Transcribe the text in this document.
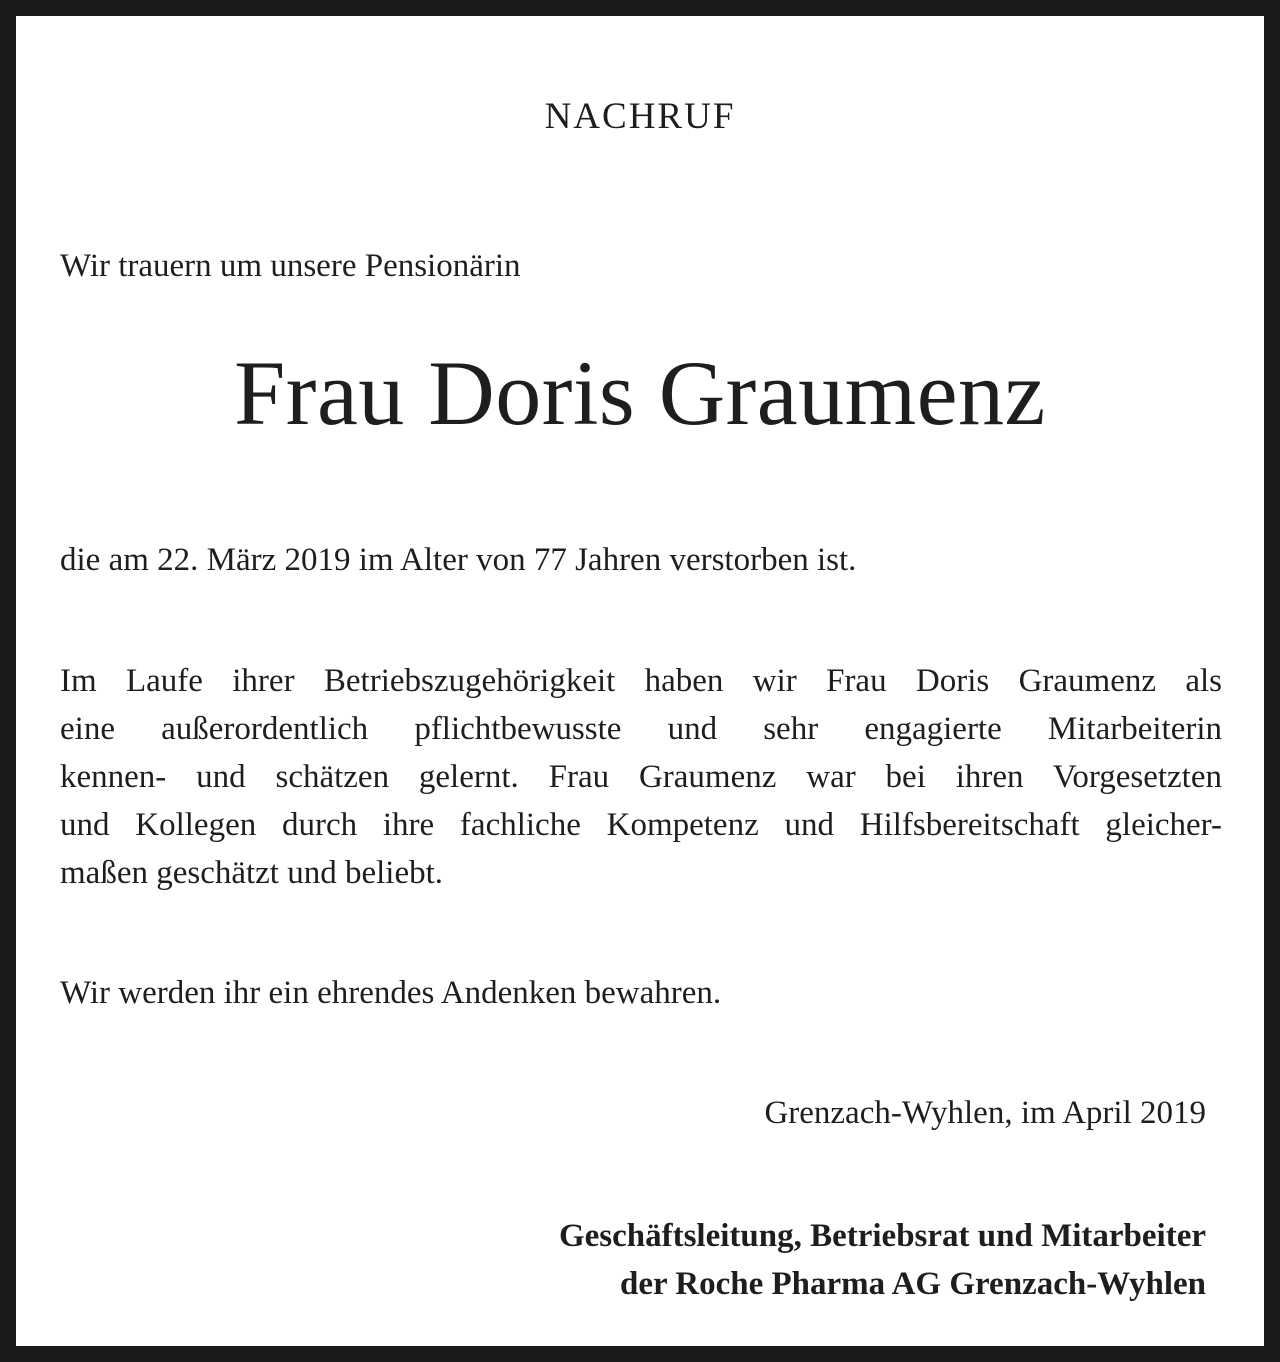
NACHRUF
Wir trauern um unsere Pensionärin
Frau Doris Graumenz
die am 22. März 2019 im Alter von 77 Jahren verstorben ist.
Im Laufe ihrer Betriebszugehörigkeit haben wir Frau Doris Graumenz als
eine außerordentlich pflichtbewusste und sehr engagierte Mitarbeiterin
kennen- und schätzen gelernt. Frau Graumenz war bei ihren Vorgesetzten
und Kollegen durch ihre fachliche Kompetenz und Hilfsbereitschaft gleicher-
maßen geschätzt und beliebt.
Wir werden ihr ein ehrendes Andenken bewahren.
Grenzach-Wyhlen, im April 2019
Geschäftsleitung, Betriebsrat und Mitarbeiter
der Roche Pharma AG Grenzach-Wyhlen
